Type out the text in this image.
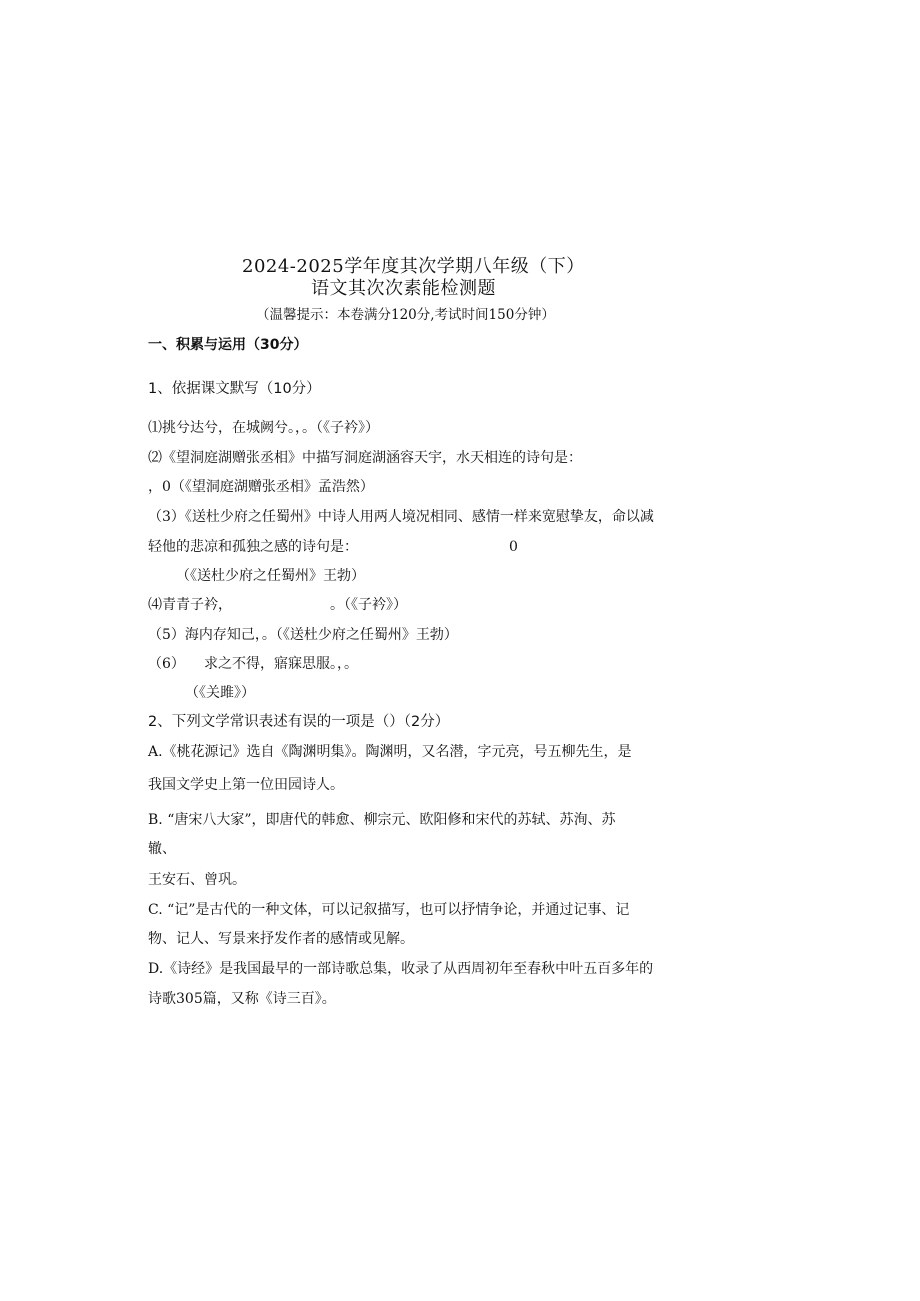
2024-2025学年度其次学期八年级（下）
语文其次次素能检测题
（温馨提示：本卷满分120分,考试时间150分钟）
一、积累与运用（30分）
1、依据课文默写（10分）
⑴挑兮达兮，在城阙兮。，。（《子衿》）
⑵《望洞庭湖赠张丞相》中描写洞庭湖涵容天宇，水天相连的诗句是：
，0（《望洞庭湖赠张丞相》孟浩然）
（3）《送杜少府之任蜀州》中诗人用两人境况相同、感情一样来宽慰挚友，命以减
轻他的悲凉和孤独之感的诗句是：	0
（《送杜少府之任蜀州》王勃）
⑷青青子衿，	。（《子衿》）
（5）海内存知己，。（《送杜少府之任蜀州》王勃）
（6） 求之不得，寤寐思服。，。
（《关雎》）
2、下列文学常识表述有误的一项是（）（2分）
A.《桃花源记》选自《陶渊明集》。陶渊明，又名潜，字元亮，号五柳先生，是
我国文学史上第一位田园诗人。
B. “唐宋八大家”，即唐代的韩愈、柳宗元、欧阳修和宋代的苏轼、苏洵、苏
辙、
王安石、曾巩。
C. “记”是古代的一种文体，可以记叙描写，也可以抒情争论，并通过记事、记
物、记人、写景来抒发作者的感情或见解。
D.《诗经》是我国最早的一部诗歌总集，收录了从西周初年至春秋中叶五百多年的
诗歌305篇，又称《诗三百》。
